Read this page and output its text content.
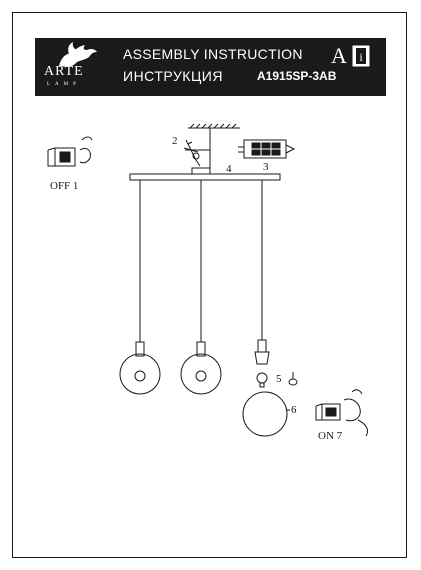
ARTE
LAMP
ASSEMBLY INSTRUCTION
ИНСТРУКЦИЯ	A1915SP-3AB
A i
OFF 1
2
3
4
5
6
ON 7
